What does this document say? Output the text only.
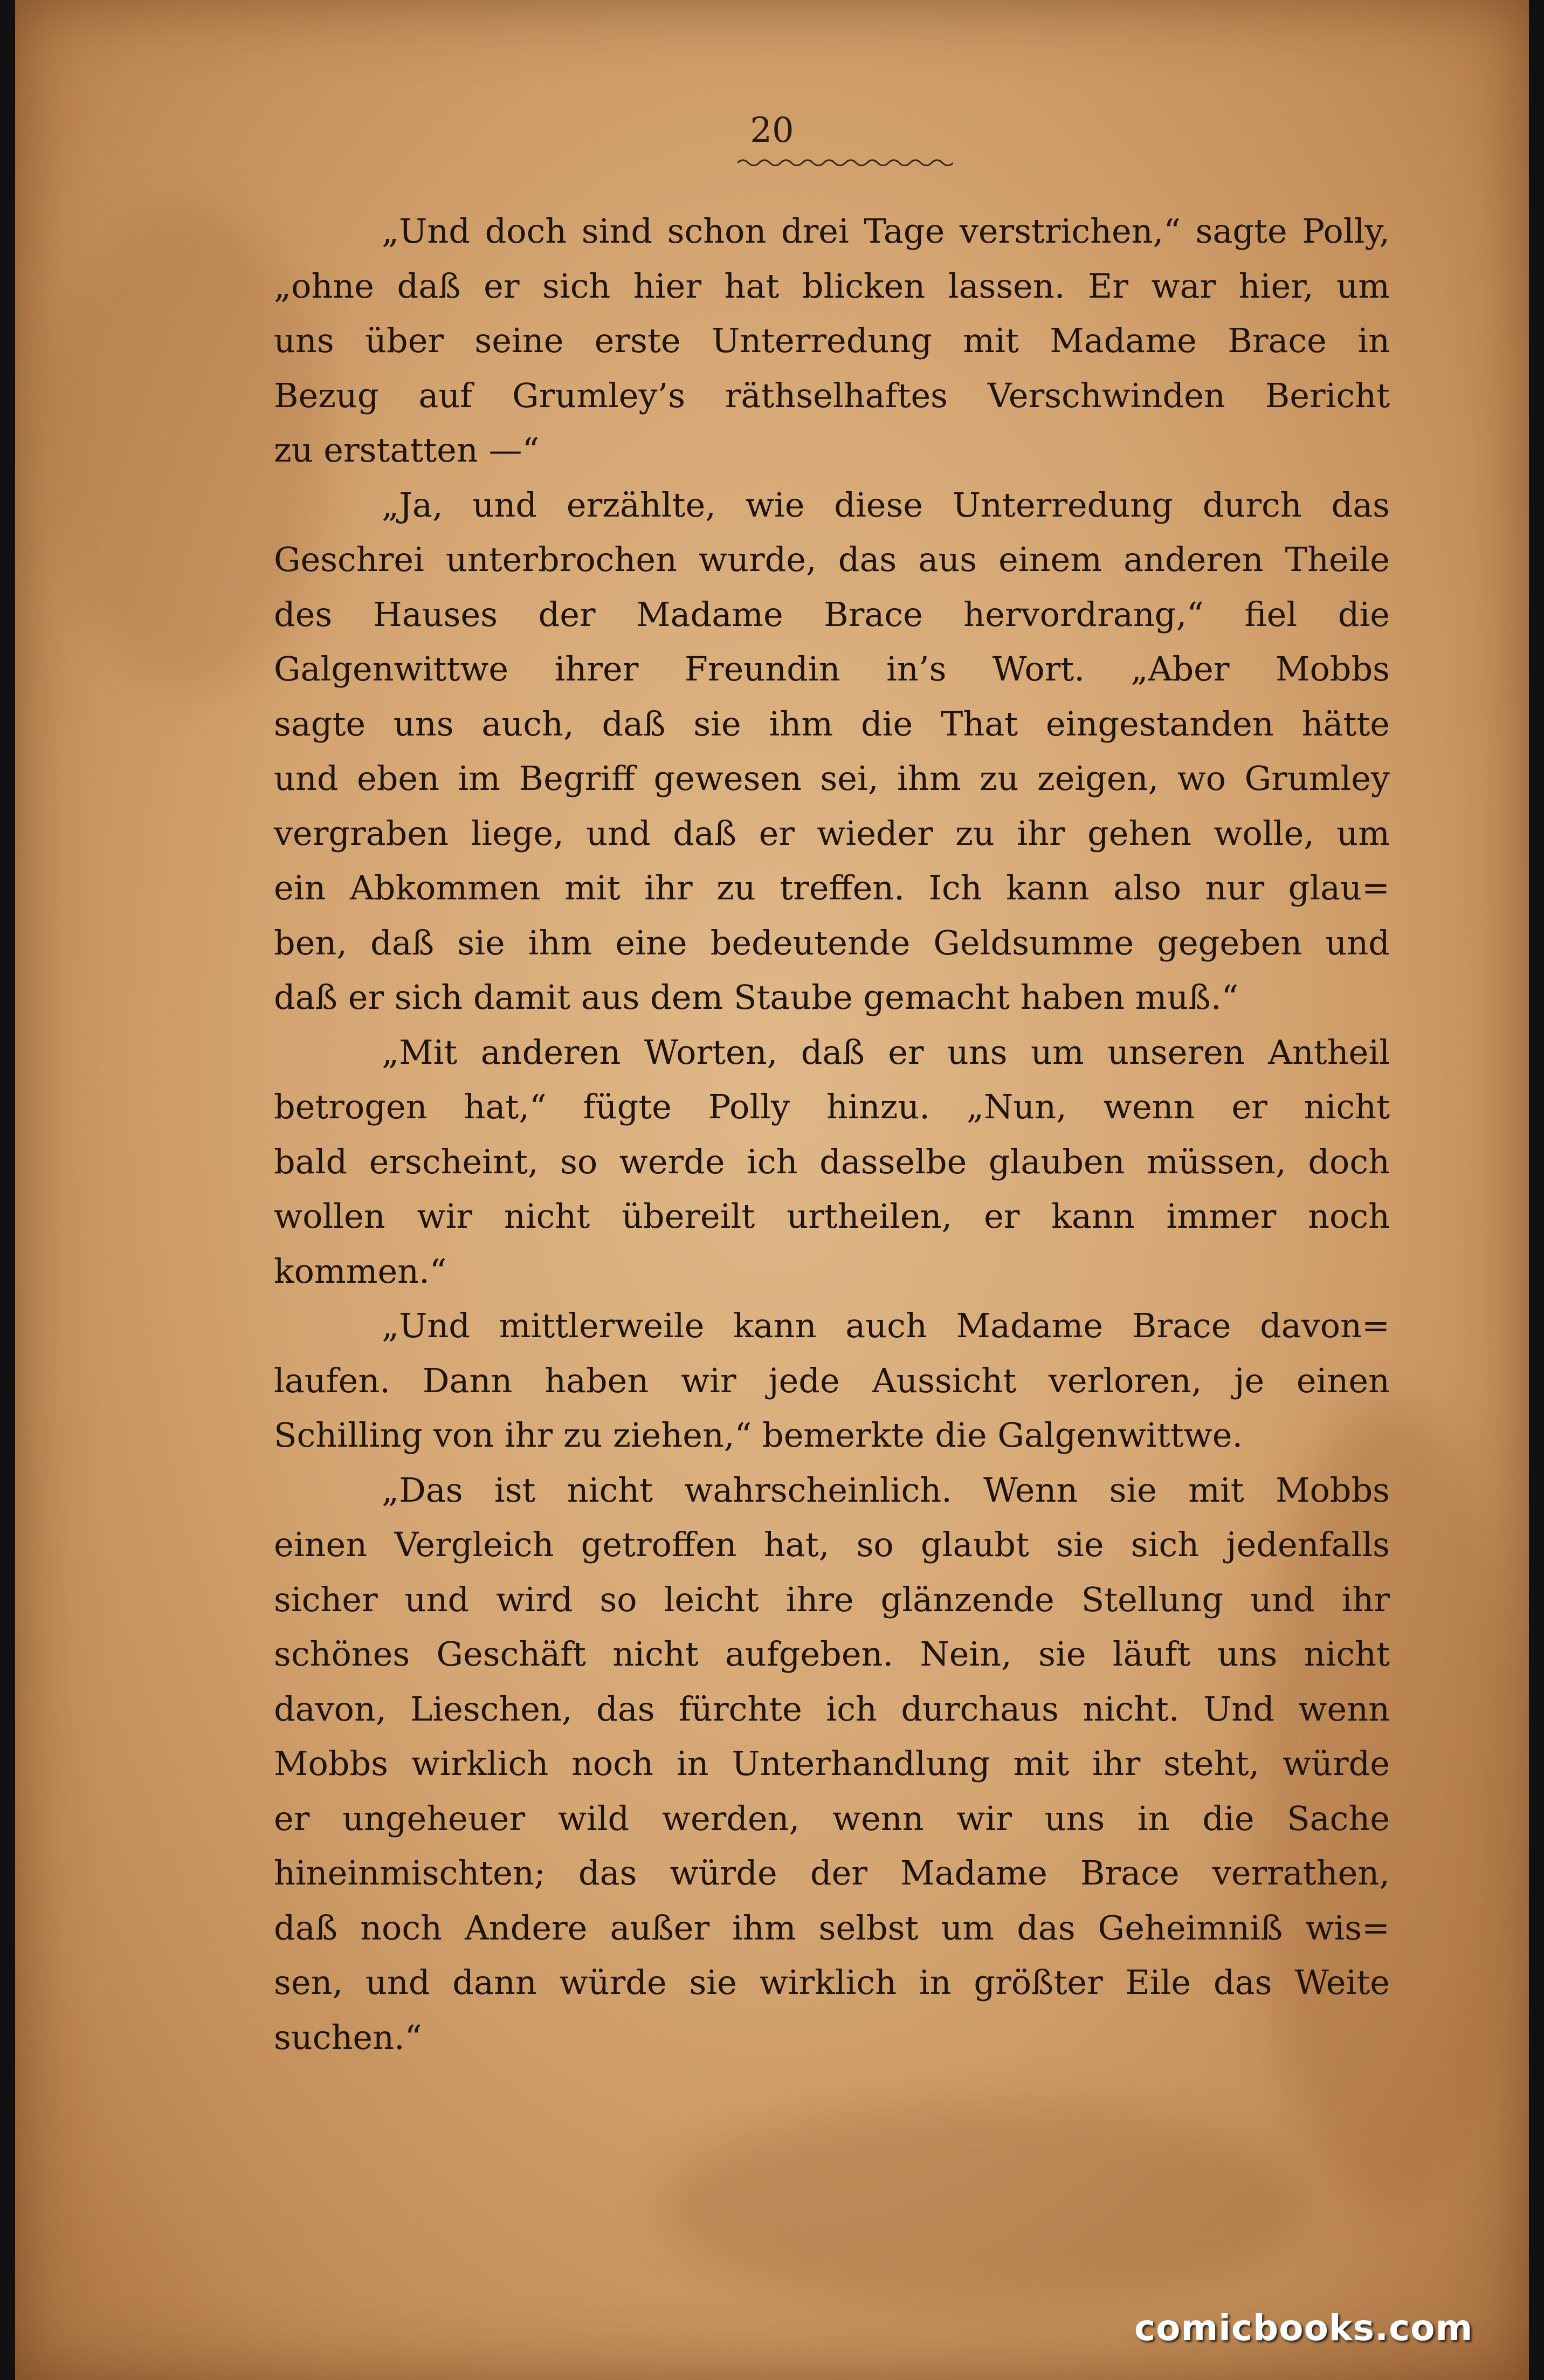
20
„Und doch sind schon drei Tage verstrichen,“ sagte Polly,
„ohne daß er sich hier hat blicken lassen. Er war hier, um
uns über seine erste Unterredung mit Madame Brace in
Bezug auf Grumley’s räthselhaftes Verschwinden Bericht
zu erstatten —“
„Ja, und erzählte, wie diese Unterredung durch das
Geschrei unterbrochen wurde, das aus einem anderen Theile
des Hauses der Madame Brace hervordrang,“ fiel die
Galgenwittwe ihrer Freundin in’s Wort. „Aber Mobbs
sagte uns auch, daß sie ihm die That eingestanden hätte
und eben im Begriff gewesen sei, ihm zu zeigen, wo Grumley
vergraben liege, und daß er wieder zu ihr gehen wolle, um
ein Abkommen mit ihr zu treffen. Ich kann also nur glau=
ben, daß sie ihm eine bedeutende Geldsumme gegeben und
daß er sich damit aus dem Staube gemacht haben muß.“
„Mit anderen Worten, daß er uns um unseren Antheil
betrogen hat,“ fügte Polly hinzu. „Nun, wenn er nicht
bald erscheint, so werde ich dasselbe glauben müssen, doch
wollen wir nicht übereilt urtheilen, er kann immer noch
kommen.“
„Und mittlerweile kann auch Madame Brace davon=
laufen. Dann haben wir jede Aussicht verloren, je einen
Schilling von ihr zu ziehen,“ bemerkte die Galgenwittwe.
„Das ist nicht wahrscheinlich. Wenn sie mit Mobbs
einen Vergleich getroffen hat, so glaubt sie sich jedenfalls
sicher und wird so leicht ihre glänzende Stellung und ihr
schönes Geschäft nicht aufgeben. Nein, sie läuft uns nicht
davon, Lieschen, das fürchte ich durchaus nicht. Und wenn
Mobbs wirklich noch in Unterhandlung mit ihr steht, würde
er ungeheuer wild werden, wenn wir uns in die Sache
hineinmischten; das würde der Madame Brace verrathen,
daß noch Andere außer ihm selbst um das Geheimniß wis=
sen, und dann würde sie wirklich in größter Eile das Weite
suchen.“
comicbooks.com
